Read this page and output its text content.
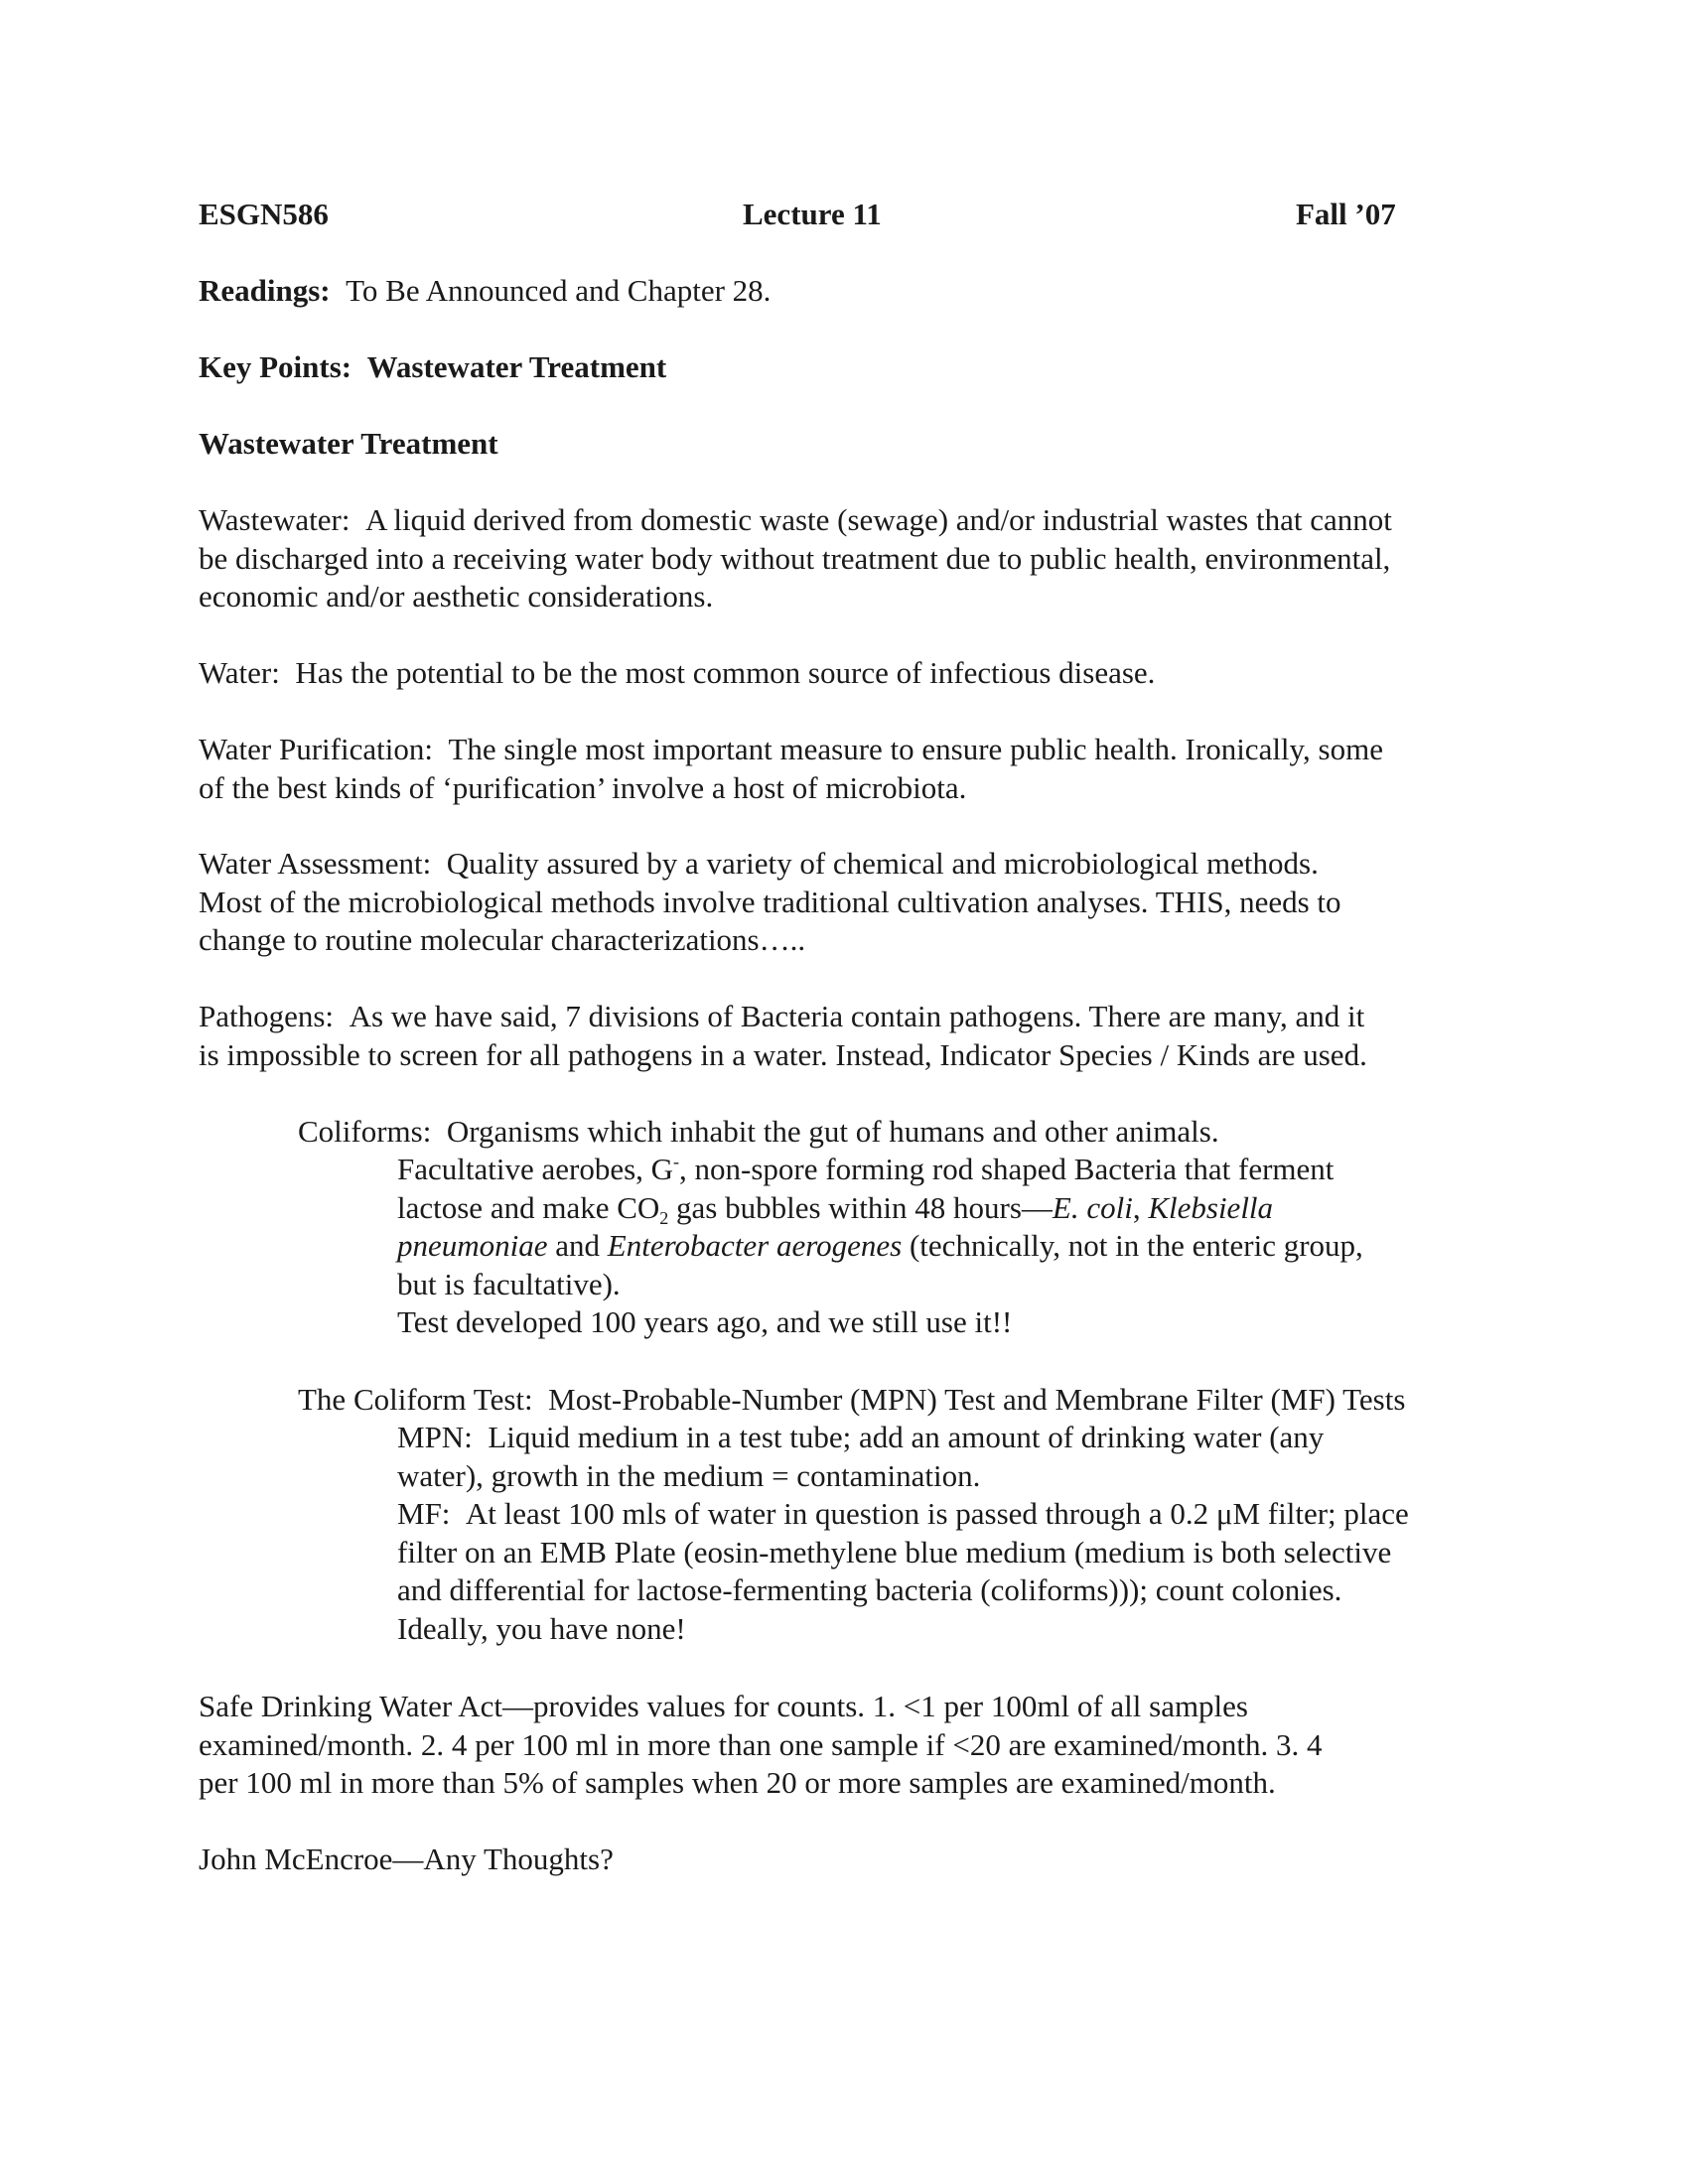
ESGN586	Lecture 11	Fall ’07

Readings: To Be Announced and Chapter 28.

Key Points: Wastewater Treatment

Wastewater Treatment

Wastewater: A liquid derived from domestic waste (sewage) and/or industrial wastes that cannot
be discharged into a receiving water body without treatment due to public health, environmental,
economic and/or aesthetic considerations.

Water: Has the potential to be the most common source of infectious disease.

Water Purification: The single most important measure to ensure public health. Ironically, some
of the best kinds of ‘purification’ involve a host of microbiota.

Water Assessment: Quality assured by a variety of chemical and microbiological methods.
Most of the microbiological methods involve traditional cultivation analyses. THIS, needs to
change to routine molecular characterizations…..

Pathogens: As we have said, 7 divisions of Bacteria contain pathogens. There are many, and it
is impossible to screen for all pathogens in a water. Instead, Indicator Species / Kinds are used.

Coliforms: Organisms which inhabit the gut of humans and other animals.

Facultative aerobes, G-, non-spore forming rod shaped Bacteria that ferment
lactose and make $CO_2$ gas bubbles within 48 hours—E. coli, Klebsiella
pneumoniae and Enterobacter aerogenes (technically, not in the enteric group,
but is facultative).
Test developed 100 years ago, and we still use it!!

The Coliform Test: Most-Probable-Number (MPN) Test and Membrane Filter (MF) Tests

MPN: Liquid medium in a test tube; add an amount of drinking water (any
water), growth in the medium = contamination.
MF: At least 100 mls of water in question is passed through a 0.2 μM filter; place
filter on an EMB Plate (eosin-methylene blue medium (medium is both selective
and differential for lactose-fermenting bacteria (coliforms))); count colonies.
Ideally, you have none!

Safe Drinking Water Act—provides values for counts. 1. <1 per 100ml of all samples
examined/month. 2. 4 per 100 ml in more than one sample if <20 are examined/month. 3. 4
per 100 ml in more than 5% of samples when 20 or more samples are examined/month.

John McEncroe—Any Thoughts?
